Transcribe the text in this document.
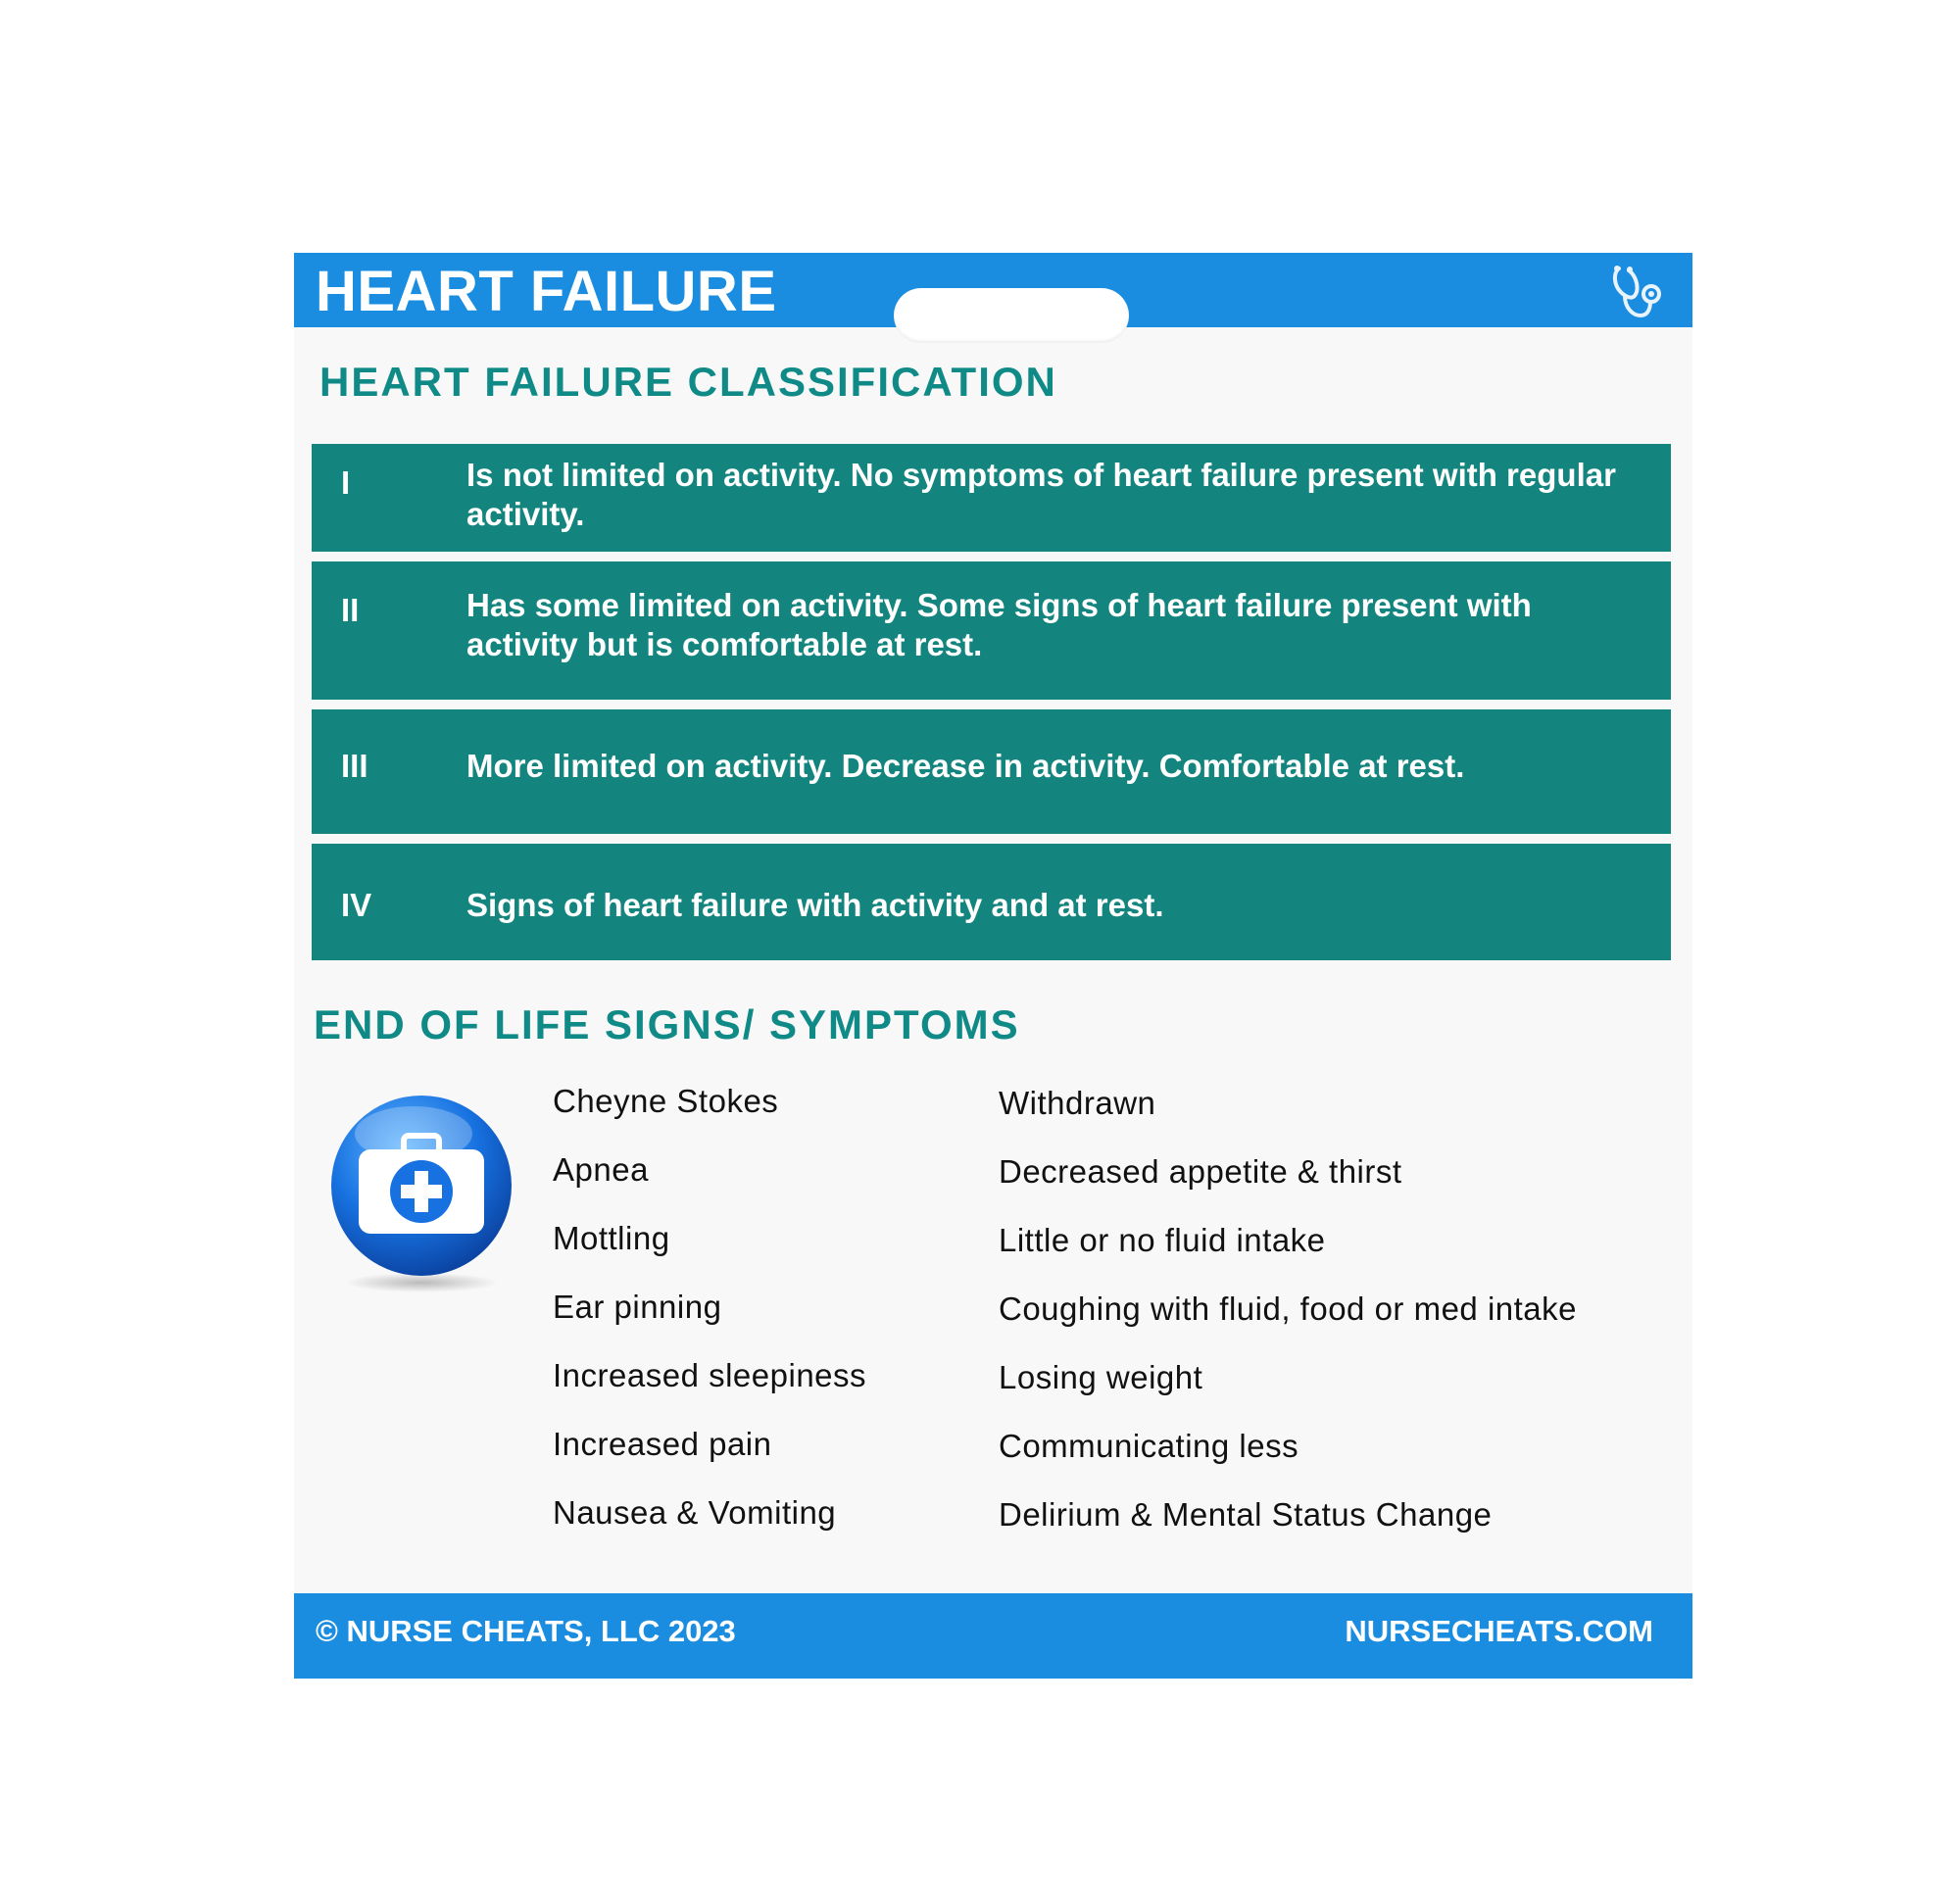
HEART FAILURE
HEART FAILURE CLASSIFICATION
I	Is not limited on activity. No symptoms of heart failure present with regular activity.
II	Has some limited on activity. Some signs of heart failure present with activity but is comfortable at rest.
III	More limited on activity. Decrease in activity. Comfortable at rest.
IV	Signs of heart failure with activity and at rest.
END OF LIFE SIGNS/ SYMPTOMS
Cheyne Stokes
Apnea
Mottling
Ear pinning
Increased sleepiness
Increased pain
Nausea & Vomiting
Withdrawn
Decreased appetite & thirst
Little or no fluid intake
Coughing with fluid, food or med intake
Losing weight
Communicating less
Delirium & Mental Status Change
© NURSE CHEATS, LLC 2023	NURSECHEATS.COM
